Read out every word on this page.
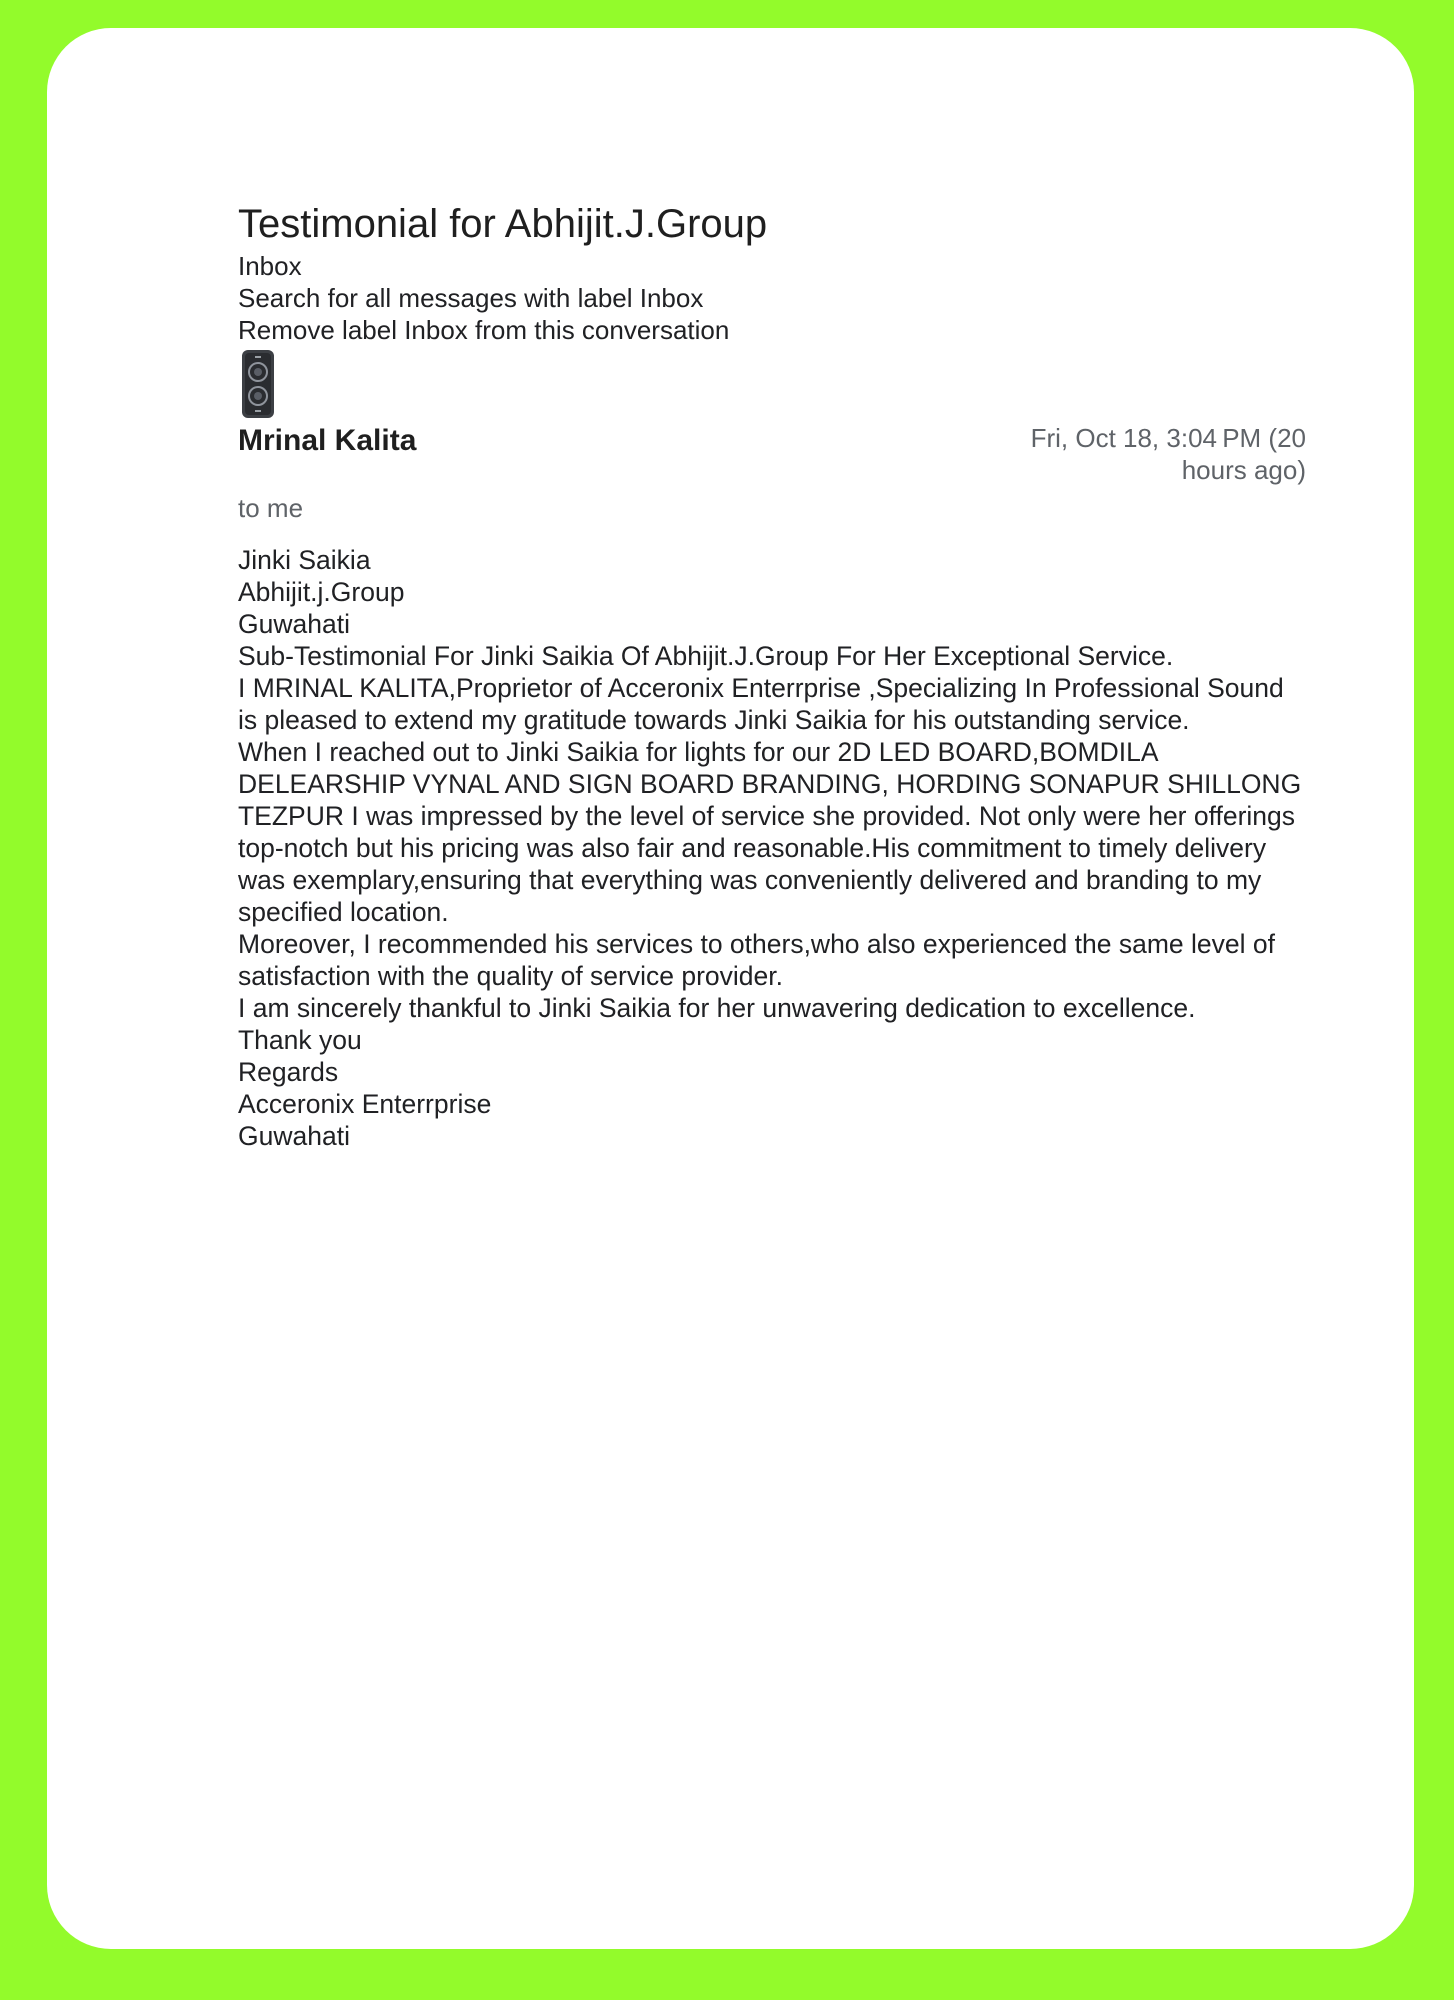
Testimonial for Abhijit.J.Group
Inbox
Search for all messages with label Inbox
Remove label Inbox from this conversation
Mrinal Kalita	Fri, Oct 18, 3:04 PM (20 hours ago)
to me
Jinki Saikia
Abhijit.j.Group
Guwahati
Sub-Testimonial For Jinki Saikia Of Abhijit.J.Group For Her Exceptional Service.
I MRINAL KALITA,Proprietor of Acceronix Enterrprise ,Specializing In Professional Sound is pleased to extend my gratitude towards Jinki Saikia for his outstanding service.
When I reached out to Jinki Saikia for lights for our 2D LED BOARD,BOMDILA DELEARSHIP VYNAL AND SIGN BOARD BRANDING, HORDING SONAPUR SHILLONG TEZPUR I was impressed by the level of service she provided. Not only were her offerings top-notch but his pricing was also fair and reasonable.His commitment to timely delivery was exemplary,ensuring that everything was conveniently delivered and branding to my specified location.
Moreover, I recommended his services to others,who also experienced the same level of satisfaction with the quality of service provider.
I am sincerely thankful to Jinki Saikia for her unwavering dedication to excellence.
Thank you
Regards
Acceronix Enterrprise
Guwahati
